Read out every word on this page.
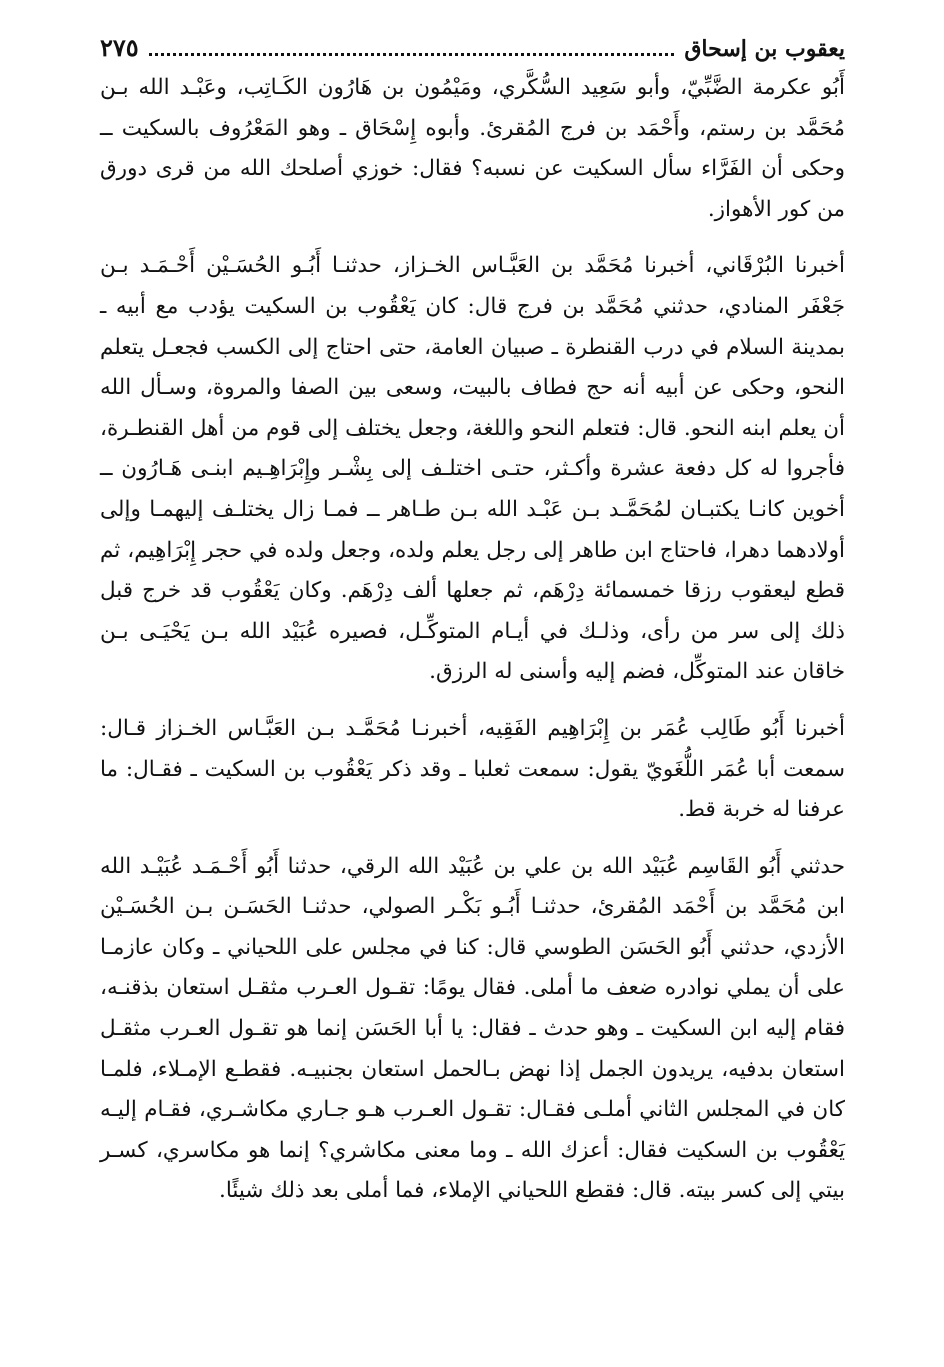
يعقوب بن إسحاق
٢٧٥

أَبُو عكرمة الضَّبِّيّ، وأبو سَعِيد السُّكَّري، ومَيْمُون بن هَارُون الكَـاتِب، وعَبْـد الله بـن مُحَمَّد بن رستم، وأَحْمَد بن فرج المُقرئ. وأبوه إِسْحَاق ـ وهو المَعْرُوف بالسكيت ــ وحكى أن الفَرَّاء سأل السكيت عن نسبه؟ فقال: خوزي أصلحك الله من قرى دورق من كور الأهواز.

أخبرنا البُرْقَاني، أخبرنا مُحَمَّد بن العَبَّـاس الخـزاز، حدثنـا أَبُـو الحُسَـيْن أَحْـمَـد بـن جَعْفَر المنادي، حدثني مُحَمَّد بن فرج قال: كان يَعْقُوب بن السكيت يؤدب مع أبيه ـ بمدينة السلام في درب القنطرة ـ صبيان العامة، حتى احتاج إلى الكسب فجعـل يتعلم النحو، وحكى عن أبيه أنه حج فطاف بالبيت، وسعى بين الصفا والمروة، وسـأل الله أن يعلم ابنه النحو. قال: فتعلم النحو واللغة، وجعل يختلف إلى قوم من أهل القنطـرة، فأجروا له كل دفعة عشرة وأكـثر، حتـى اختلـف إلى بِشْـر وإِبْرَاهِـيم ابنـى هَـارُون ــ أخوين كانـا يكتبـان لمُحَمَّـد بـن عَبْـد الله بـن طـاهر ــ فمـا زال يختلـف إليهمـا وإلى أولادهما دهرا، فاحتاج ابن طاهر إلى رجل يعلم ولده، وجعل ولده في حجر إِبْرَاهِيم، ثم قطع ليعقوب رزقا خمسمائة دِرْهَم، ثم جعلها ألف دِرْهَم. وكان يَعْقُوب قد خرج قبل ذلك إلى سر من رأى، وذلـك في أيـام المتوكِّـل، فصيره عُبَيْد الله بـن يَحْيَـى بـن خاقان عند المتوكِّل، فضم إليه وأسنى له الرزق.

أخبرنا أَبُو طَالِب عُمَر بن إِبْرَاهِيم الفَقِيه، أخبرنـا مُحَمَّـد بـن العَبَّـاس الخـزاز قـال: سمعت أبا عُمَر اللُّغَويّ يقول: سمعت ثعلبا ـ وقد ذكر يَعْقُوب بن السكيت ـ فقـال: ما عرفنا له خربة قط.

حدثني أَبُو القَاسِم عُبَيْد الله بن علي بن عُبَيْد الله الرقي، حدثنا أَبُو أَحْـمَـد عُبَيْـد الله ابن مُحَمَّد بن أَحْمَد المُقرئ، حدثنـا أَبُـو بَكْـر الصولي، حدثنـا الحَسَـن بـن الحُسَـيْن الأزدي، حدثني أَبُو الحَسَن الطوسي قال: كنا في مجلس على اللحياني ـ وكان عازمـا على أن يملي نوادره ضعف ما أملى. فقال يومًا: تقـول العـرب مثقـل استعان بذقنـه، فقام إليه ابن السكيت ـ وهو حدث ـ فقال: يا أبا الحَسَن إنما هو تقـول العـرب مثقـل استعان بدفيه، يريدون الجمل إذا نهض بـالحمل استعان بجنبيـه. فقطـع الإمـلاء، فلمـا كان في المجلس الثاني أملـى فقـال: تقـول العـرب هـو جـاري مكاشـري، فقـام إليـه يَعْقُوب بن السكيت فقال: أعزك الله ـ وما معنى مكاشري؟ إنما هو مكاسري، كسـر بيتي إلى كسر بيته. قال: فقطع اللحياني الإملاء، فما أملى بعد ذلك شيئًا.
